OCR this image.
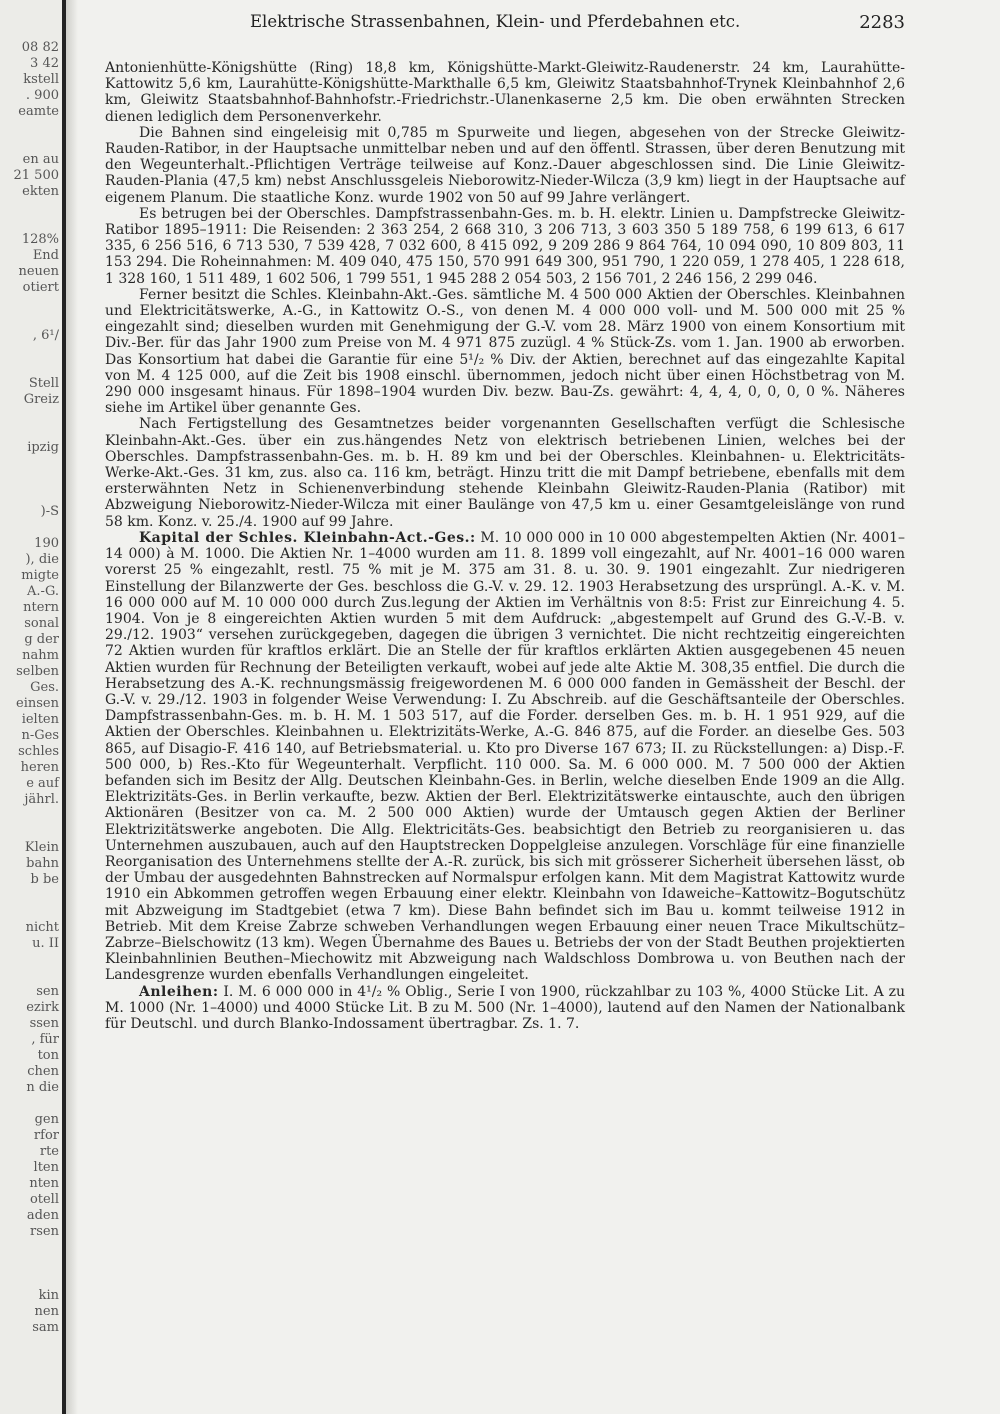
08 82
3 42
kstell
. 900
eamte
en au
21 500
ekten
128%
End
neuen
otiert
, 6¹/
Stell
Greiz
ipzig
)-S
190
), die
migte
A.-G.
ntern
sonal
g der
nahm
selben
Ges.
einsen
ielten
n-Ges
schles
heren
e auf
jährl.
Klein
bahn
b be
nicht
u. II
sen
ezirk
ssen
, für
ton
chen
n die
gen
rfor
rte
lten
nten
otell
aden
rsen
kin
nen
sam
Elektrische Strassenbahnen, Klein- und Pferdebahnen etc.	2283

Antonienhütte-Königshütte (Ring) 18,8 km, Königshütte-Markt-Gleiwitz-Raudenerstr. 24 km, Laurahütte-Kattowitz 5,6 km, Laurahütte-Königshütte-Markthalle 6,5 km, Gleiwitz Staatsbahnhof-Trynek Kleinbahnhof 2,6 km, Gleiwitz Staatsbahnhof-Bahnhofstr.-Friedrichstr.-Ulanenkaserne 2,5 km. Die oben erwähnten Strecken dienen lediglich dem Personenverkehr.

Die Bahnen sind eingeleisig mit 0,785 m Spurweite und liegen, abgesehen von der Strecke Gleiwitz-Rauden-Ratibor, in der Hauptsache unmittelbar neben und auf den öffentl. Strassen, über deren Benutzung mit den Wegeunterhalt.-Pflichtigen Verträge teilweise auf Konz.-Dauer abgeschlossen sind. Die Linie Gleiwitz-Rauden-Plania (47,5 km) nebst Anschlussgeleis Nieborowitz-Nieder-Wilcza (3,9 km) liegt in der Hauptsache auf eigenem Planum. Die staatliche Konz. wurde 1902 von 50 auf 99 Jahre verlängert.

Es betrugen bei der Oberschles. Dampfstrassenbahn-Ges. m. b. H. elektr. Linien u. Dampfstrecke Gleiwitz-Ratibor 1895–1911: Die Reisenden: 2 363 254, 2 668 310, 3 206 713, 3 603 350 5 189 758, 6 199 613, 6 617 335, 6 256 516, 6 713 530, 7 539 428, 7 032 600, 8 415 092, 9 209 286 9 864 764, 10 094 090, 10 809 803, 11 153 294. Die Roheinnahmen: M. 409 040, 475 150, 570 991 649 300, 951 790, 1 220 059, 1 278 405, 1 228 618, 1 328 160, 1 511 489, 1 602 506, 1 799 551, 1 945 288 2 054 503, 2 156 701, 2 246 156, 2 299 046.

Ferner besitzt die Schles. Kleinbahn-Akt.-Ges. sämtliche M. 4 500 000 Aktien der Oberschles. Kleinbahnen und Elektricitätswerke, A.-G., in Kattowitz O.-S., von denen M. 4 000 000 voll- und M. 500 000 mit 25 % eingezahlt sind; dieselben wurden mit Genehmigung der G.-V. vom 28. März 1900 von einem Konsortium mit Div.-Ber. für das Jahr 1900 zum Preise von M. 4 971 875 zuzügl. 4 % Stück-Zs. vom 1. Jan. 1900 ab erworben. Das Konsortium hat dabei die Garantie für eine 5¹/₂ % Div. der Aktien, berechnet auf das eingezahlte Kapital von M. 4 125 000, auf die Zeit bis 1908 einschl. übernommen, jedoch nicht über einen Höchstbetrag von M. 290 000 insgesamt hinaus. Für 1898–1904 wurden Div. bezw. Bau-Zs. gewährt: 4, 4, 4, 0, 0, 0, 0 %. Näheres siehe im Artikel über genannte Ges.

Nach Fertigstellung des Gesamtnetzes beider vorgenannten Gesellschaften verfügt die Schlesische Kleinbahn-Akt.-Ges. über ein zus.hängendes Netz von elektrisch betriebenen Linien, welches bei der Oberschles. Dampfstrassenbahn-Ges. m. b. H. 89 km und bei der Oberschles. Kleinbahnen- u. Elektricitäts-Werke-Akt.-Ges. 31 km, zus. also ca. 116 km, beträgt. Hinzu tritt die mit Dampf betriebene, ebenfalls mit dem ersterwähnten Netz in Schienenverbindung stehende Kleinbahn Gleiwitz-Rauden-Plania (Ratibor) mit Abzweigung Nieborowitz-Nieder-Wilcza mit einer Baulänge von 47,5 km u. einer Gesamtgeleislänge von rund 58 km. Konz. v. 25./4. 1900 auf 99 Jahre.

Kapital der Schles. Kleinbahn-Act.-Ges.: M. 10 000 000 in 10 000 abgestempelten Aktien (Nr. 4001–14 000) à M. 1000. Die Aktien Nr. 1–4000 wurden am 11. 8. 1899 voll eingezahlt, auf Nr. 4001–16 000 waren vorerst 25 % eingezahlt, restl. 75 % mit je M. 375 am 31. 8. u. 30. 9. 1901 eingezahlt. Zur niedrigeren Einstellung der Bilanzwerte der Ges. beschloss die G.-V. v. 29. 12. 1903 Herabsetzung des ursprüngl. A.-K. v. M. 16 000 000 auf M. 10 000 000 durch Zus.legung der Aktien im Verhältnis von 8:5: Frist zur Einreichung 4. 5. 1904. Von je 8 eingereichten Aktien wurden 5 mit dem Aufdruck: „abgestempelt auf Grund des G.-V.-B. v. 29./12. 1903“ versehen zurückgegeben, dagegen die übrigen 3 vernichtet. Die nicht rechtzeitig eingereichten 72 Aktien wurden für kraftlos erklärt. Die an Stelle der für kraftlos erklärten Aktien ausgegebenen 45 neuen Aktien wurden für Rechnung der Beteiligten verkauft, wobei auf jede alte Aktie M. 308,35 entfiel. Die durch die Herabsetzung des A.-K. rechnungsmässig freigewordenen M. 6 000 000 fanden in Gemässheit der Beschl. der G.-V. v. 29./12. 1903 in folgender Weise Verwendung: I. Zu Abschreib. auf die Geschäftsanteile der Oberschles. Dampfstrassenbahn-Ges. m. b. H. M. 1 503 517, auf die Forder. derselben Ges. m. b. H. 1 951 929, auf die Aktien der Oberschles. Kleinbahnen u. Elektrizitäts-Werke, A.-G. 846 875, auf die Forder. an dieselbe Ges. 503 865, auf Disagio-F. 416 140, auf Betriebsmaterial. u. Kto pro Diverse 167 673; II. zu Rückstellungen: a) Disp.-F. 500 000, b) Res.-Kto für Wegeunterhalt. Verpflicht. 110 000. Sa. M. 6 000 000. M. 7 500 000 der Aktien befanden sich im Besitz der Allg. Deutschen Kleinbahn-Ges. in Berlin, welche dieselben Ende 1909 an die Allg. Elektrizitäts-Ges. in Berlin verkaufte, bezw. Aktien der Berl. Elektrizitätswerke eintauschte, auch den übrigen Aktionären (Besitzer von ca. M. 2 500 000 Aktien) wurde der Umtausch gegen Aktien der Berliner Elektrizitätswerke angeboten. Die Allg. Elektricitäts-Ges. beabsichtigt den Betrieb zu reorganisieren u. das Unternehmen auszubauen, auch auf den Hauptstrecken Doppelgleise anzulegen. Vorschläge für eine finanzielle Reorganisation des Unternehmens stellte der A.-R. zurück, bis sich mit grösserer Sicherheit übersehen lässt, ob der Umbau der ausgedehnten Bahnstrecken auf Normalspur erfolgen kann. Mit dem Magistrat Kattowitz wurde 1910 ein Abkommen getroffen wegen Erbauung einer elektr. Kleinbahn von Idaweiche–Kattowitz–Bogutschütz mit Abzweigung im Stadtgebiet (etwa 7 km). Diese Bahn befindet sich im Bau u. kommt teilweise 1912 in Betrieb. Mit dem Kreise Zabrze schweben Verhandlungen wegen Erbauung einer neuen Trace Mikultschütz–Zabrze–Bielschowitz (13 km). Wegen Übernahme des Baues u. Betriebs der von der Stadt Beuthen projektierten Kleinbahnlinien Beuthen–Miechowitz mit Abzweigung nach Waldschloss Dombrowa u. von Beuthen nach der Landesgrenze wurden ebenfalls Verhandlungen eingeleitet.

Anleihen: I. M. 6 000 000 in 4¹/₂ % Oblig., Serie I von 1900, rückzahlbar zu 103 %, 4000 Stücke Lit. A zu M. 1000 (Nr. 1–4000) und 4000 Stücke Lit. B zu M. 500 (Nr. 1–4000), lautend auf den Namen der Nationalbank für Deutschl. und durch Blanko-Indossament übertragbar. Zs. 1. 7.
